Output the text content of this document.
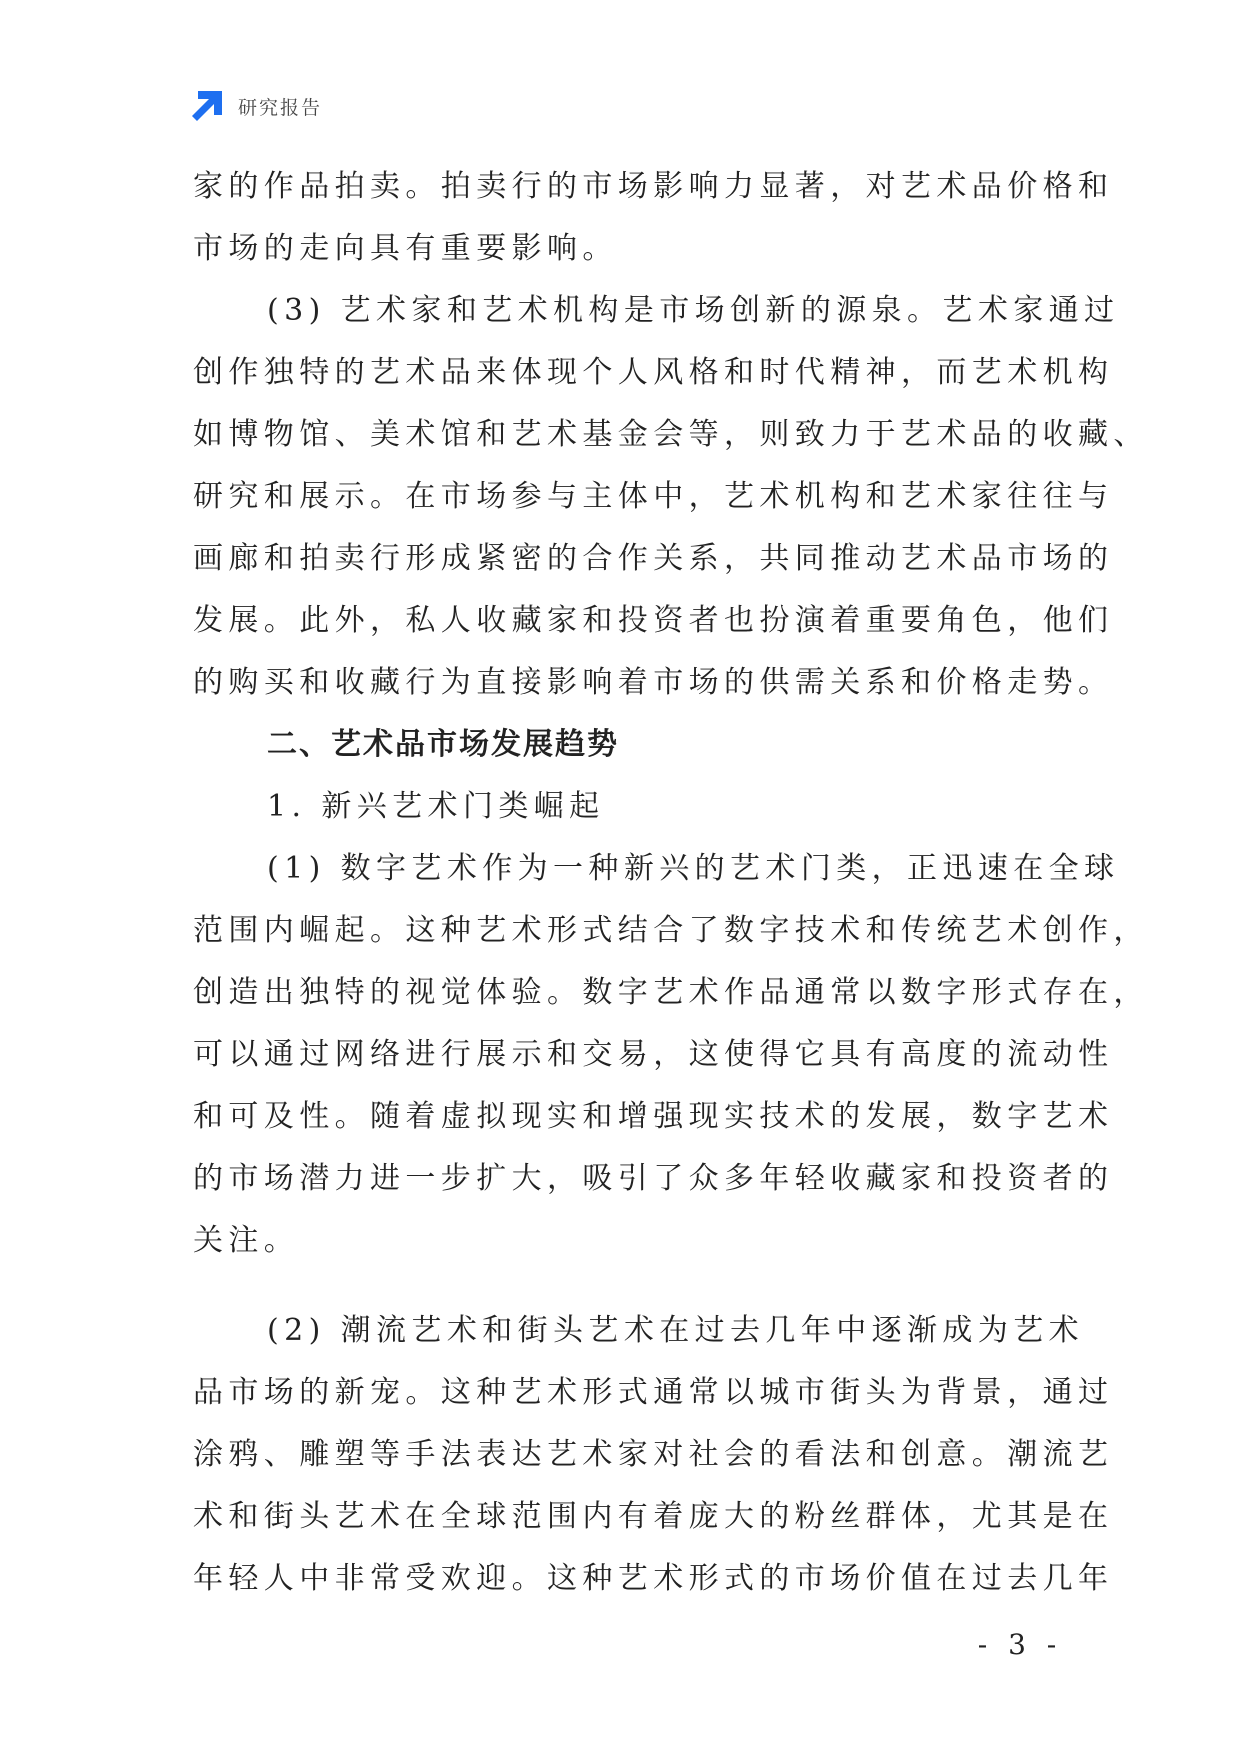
研究报告
家的作品拍卖。拍卖行的市场影响力显著，对艺术品价格和
市场的走向具有重要影响。
(3) 艺术家和艺术机构是市场创新的源泉。艺术家通过
创作独特的艺术品来体现个人风格和时代精神，而艺术机构
如博物馆、美术馆和艺术基金会等，则致力于艺术品的收藏、
研究和展示。在市场参与主体中，艺术机构和艺术家往往与
画廊和拍卖行形成紧密的合作关系，共同推动艺术品市场的
发展。此外，私人收藏家和投资者也扮演着重要角色，他们
的购买和收藏行为直接影响着市场的供需关系和价格走势。
二、艺术品市场发展趋势
1. 新兴艺术门类崛起
(1) 数字艺术作为一种新兴的艺术门类，正迅速在全球
范围内崛起。这种艺术形式结合了数字技术和传统艺术创作，
创造出独特的视觉体验。数字艺术作品通常以数字形式存在，
可以通过网络进行展示和交易，这使得它具有高度的流动性
和可及性。随着虚拟现实和增强现实技术的发展，数字艺术
的市场潜力进一步扩大，吸引了众多年轻收藏家和投资者的
关注。
(2) 潮流艺术和街头艺术在过去几年中逐渐成为艺术
品市场的新宠。这种艺术形式通常以城市街头为背景，通过
涂鸦、雕塑等手法表达艺术家对社会的看法和创意。潮流艺
术和街头艺术在全球范围内有着庞大的粉丝群体，尤其是在
年轻人中非常受欢迎。这种艺术形式的市场价值在过去几年
- 3 -
